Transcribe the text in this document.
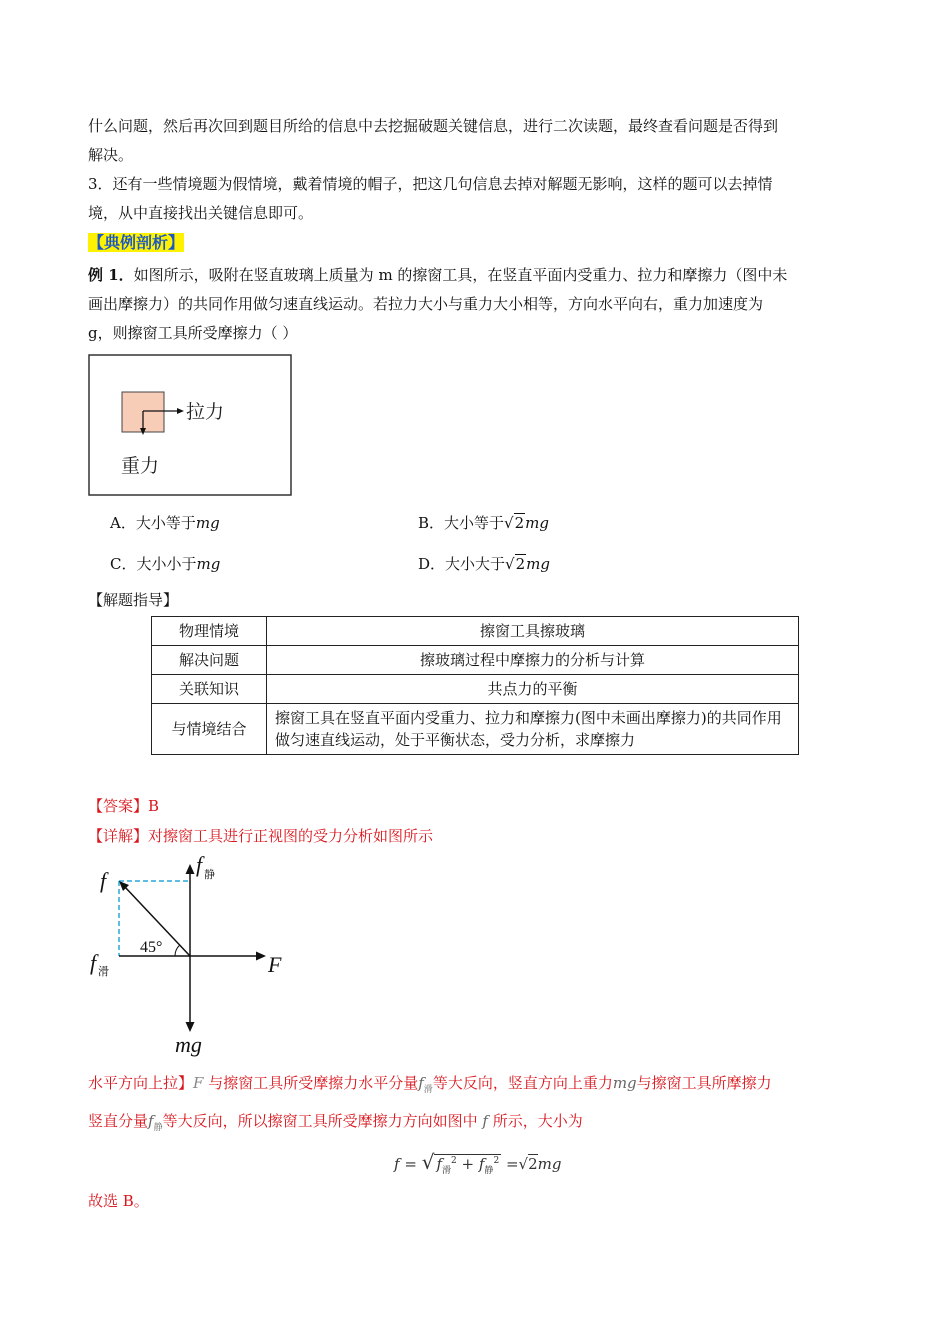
什么问题，然后再次回到题目所给的信息中去挖掘破题关键信息，进行二次读题，最终查看问题是否得到
解决。
3．还有一些情境题为假情境，戴着情境的帽子，把这几句信息去掉对解题无影响，这样的题可以去掉情
境，从中直接找出关键信息即可。
【典例剖析】
例 1．如图所示，吸附在竖直玻璃上质量为 m 的擦窗工具，在竖直平面内受重力、拉力和摩擦力（图中未
画出摩擦力）的共同作用做匀速直线运动。若拉力大小与重力大小相等，方向水平向右，重力加速度为
g，则擦窗工具所受摩擦力（ ）
拉力
重力
A．大小等于mg	B．大小等于√2mg
C．大小小于mg	D．大小大于√2mg
【解题指导】
物理情境	擦窗工具擦玻璃
解决问题	擦玻璃过程中摩擦力的分析与计算
关联知识	共点力的平衡
与情境结合	擦窗工具在竖直平面内受重力、拉力和摩擦力(图中未画出摩擦力)的共同作用做匀速直线运动，处于平衡状态，受力分析，求摩擦力
【答案】B
【详解】对擦窗工具进行正视图的受力分析如图所示
f
f 静
f 滑	F
mg
45°
水平方向上拉】F 与擦窗工具所受摩擦力水平分量$f_滑$等大反向，竖直方向上重力mg与擦窗工具所摩擦力
竖直分量$f_静$等大反向，所以擦窗工具所受摩擦力方向如图中 f 所示，大小为
f = √ $f_滑^2 + f_静^2 =√2mg$
故选 B。
